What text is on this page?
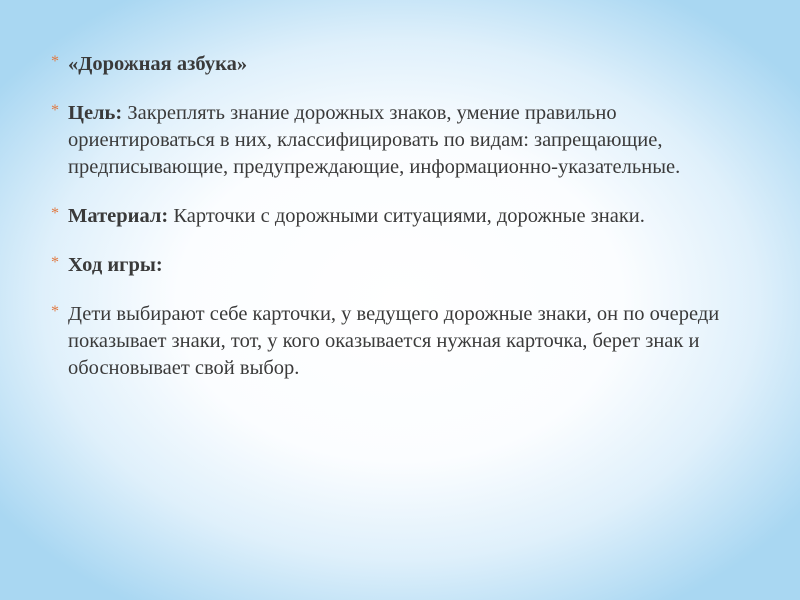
* «Дорожная азбука»
* Цель: Закреплять знание дорожных знаков, умение правильно ориентироваться в них, классифицировать по видам: запрещающие, предписывающие, предупреждающие, информационно-указательные.
* Материал: Карточки с дорожными ситуациями, дорожные знаки.
* Ход игры:
* Дети выбирают себе карточки, у ведущего дорожные знаки, он по очереди показывает знаки, тот, у кого оказывается нужная карточка, берет знак и обосновывает свой выбор.
